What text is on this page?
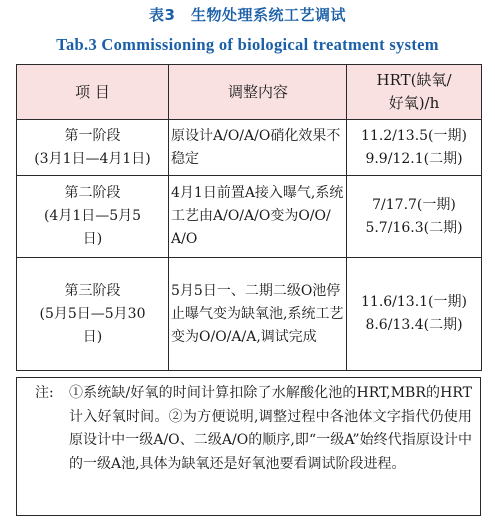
表3　生物处理系统工艺调试
Tab.3 Commissioning of biological treatment system
项 目	调整内容	HRT(缺氧/
好氧)/h

第一阶段
(3月1日—4月1日)	原设计A/O/A/O硝化效果不稳定	11.2/13.5(一期)
9.9/12.1(二期)

第二阶段
(4月1日—5月5
日)	4月1日前置A接入曝气,系统工艺由A/O/A/O变为O/O/A/O	7/17.7(一期)
5.7/16.3(二期)

第三阶段
(5月5日—5月30
日)	5月5日一、二期二级O池停止曝气变为缺氧池,系统工艺变为O/O/A/A,调试完成	11.6/13.1(一期)
8.6/13.4(二期)
注: ①系统缺/好氧的时间计算扣除了水解酸化池的HRT,MBR的HRT计入好氧时间。②为方便说明,调整过程中各池体文字指代仍使用原设计中一级A/O、二级A/O的顺序,即“一级A”始终代指原设计中的一级A池,具体为缺氧还是好氧池要看调试阶段进程。
